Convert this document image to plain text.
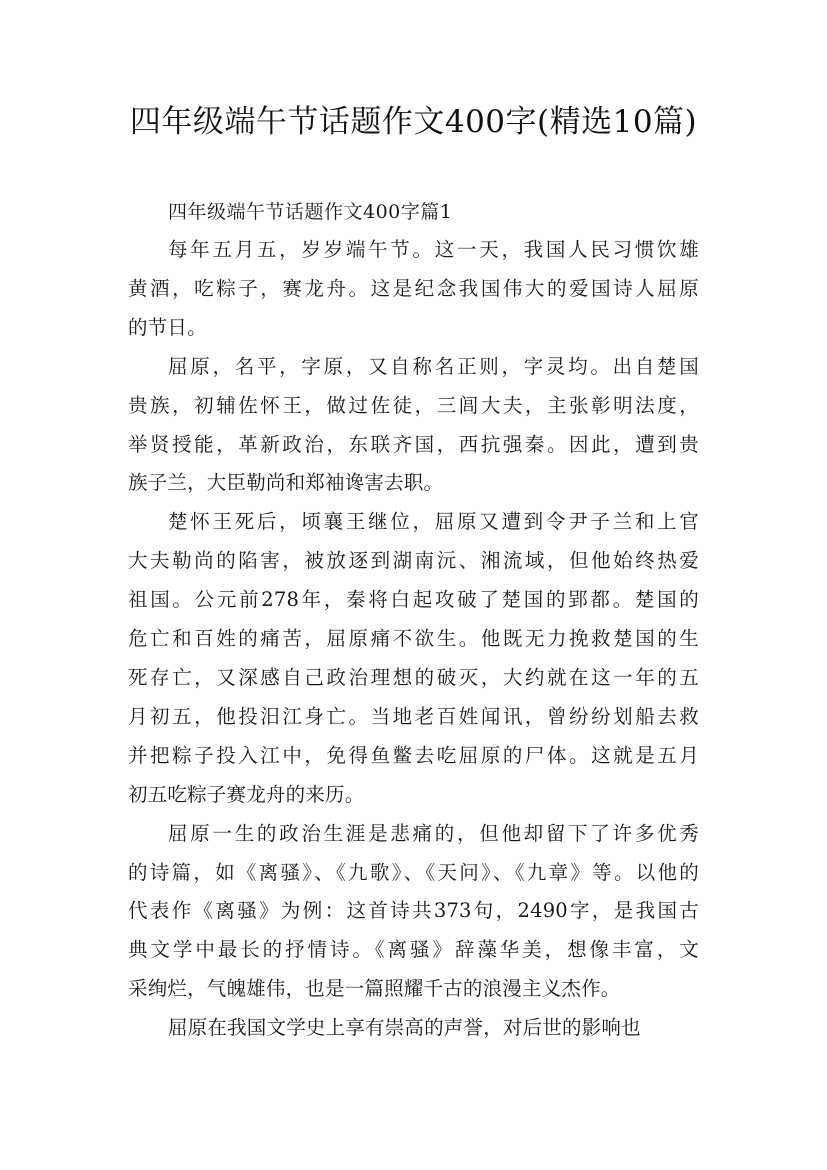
四年级端午节话题作文400字(精选10篇)

四年级端午节话题作文400字篇1

每年五月五，岁岁端午节。这一天，我国人民习惯饮雄
黄酒，吃粽子，赛龙舟。这是纪念我国伟大的爱国诗人屈原
的节日。

屈原，名平，字原，又自称名正则，字灵均。出自楚国
贵族，初辅佐怀王，做过佐徒，三闾大夫，主张彰明法度，
举贤授能，革新政治，东联齐国，西抗强秦。因此，遭到贵
族子兰，大臣勒尚和郑袖谗害去职。

楚怀王死后，顷襄王继位，屈原又遭到令尹子兰和上官
大夫勒尚的陷害，被放逐到湖南沅、湘流域，但他始终热爱
祖国。公元前278年，秦将白起攻破了楚国的郢都。楚国的
危亡和百姓的痛苦，屈原痛不欲生。他既无力挽救楚国的生
死存亡，又深感自己政治理想的破灭，大约就在这一年的五
月初五，他投汨江身亡。当地老百姓闻讯，曾纷纷划船去救
并把粽子投入江中，免得鱼鳖去吃屈原的尸体。这就是五月
初五吃粽子赛龙舟的来历。

屈原一生的政治生涯是悲痛的，但他却留下了许多优秀
的诗篇，如《离骚》、《九歌》、《天问》、《九章》等。以他的
代表作《离骚》为例：这首诗共373句，2490字，是我国古
典文学中最长的抒情诗。《离骚》辞藻华美，想像丰富，文
采绚烂，气魄雄伟，也是一篇照耀千古的浪漫主义杰作。

屈原在我国文学史上享有崇高的声誉，对后世的影响也
